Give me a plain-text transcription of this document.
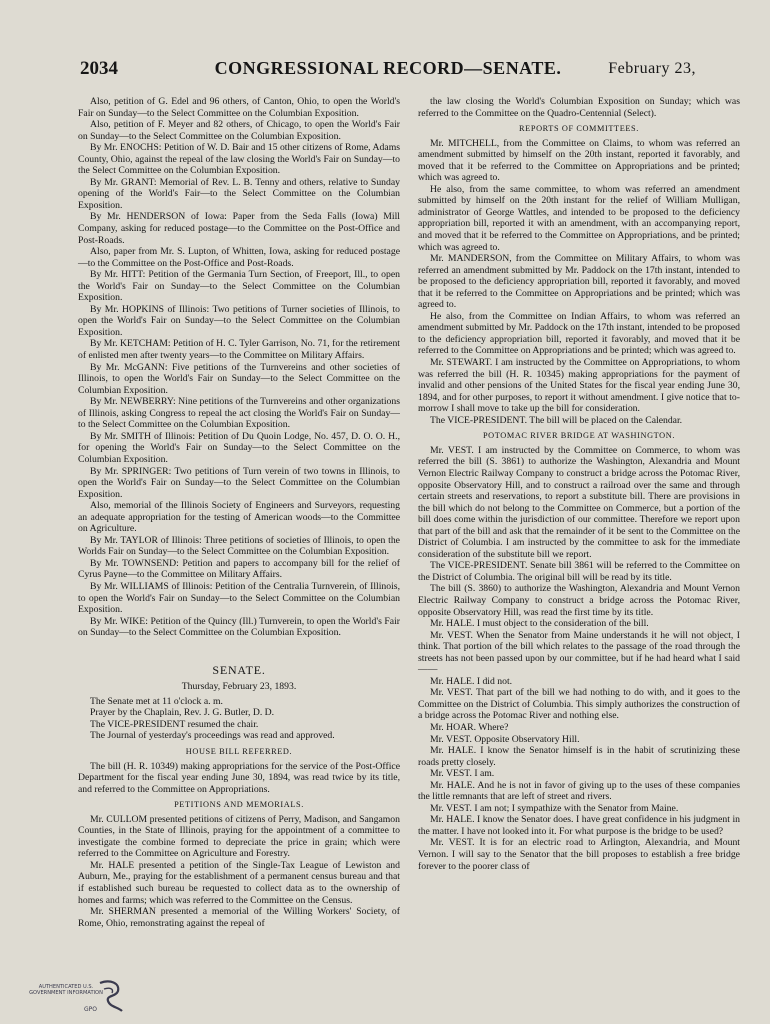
2034	CONGRESSIONAL RECORD—SENATE.	February 23,

Also, petition of G. Edel and 96 others, of Canton, Ohio, to open the World's Fair on Sunday—to the Select Committee on the Columbian Exposition.

Also, petition of F. Meyer and 82 others, of Chicago, to open the World's Fair on Sunday—to the Select Committee on the Columbian Exposition.

By Mr. ENOCHS: Petition of W. D. Bair and 15 other citizens of Rome, Adams County, Ohio, against the repeal of the law closing the World's Fair on Sunday—to the Select Committee on the Columbian Exposition.

By Mr. GRANT: Memorial of Rev. L. B. Tenny and others, relative to Sunday opening of the World's Fair—to the Select Committee on the Columbian Exposition.

By Mr. HENDERSON of Iowa: Paper from the Seda Falls (Iowa) Mill Company, asking for reduced postage—to the Committee on the Post-Office and Post-Roads.

Also, paper from Mr. S. Lupton, of Whitten, Iowa, asking for reduced postage—to the Committee on the Post-Office and Post-Roads.

By Mr. HITT: Petition of the Germania Turn Section, of Freeport, Ill., to open the World's Fair on Sunday—to the Select Committee on the Columbian Exposition.

By Mr. HOPKINS of Illinois: Two petitions of Turner societies of Illinois, to open the World's Fair on Sunday—to the Select Committee on the Columbian Exposition.

By Mr. KETCHAM: Petition of H. C. Tyler Garrison, No. 71, for the retirement of enlisted men after twenty years—to the Committee on Military Affairs.

By Mr. McGANN: Five petitions of the Turnvereins and other societies of Illinois, to open the World's Fair on Sunday—to the Select Committee on the Columbian Exposition.

By Mr. NEWBERRY: Nine petitions of the Turnvereins and other organizations of Illinois, asking Congress to repeal the act closing the World's Fair on Sunday—to the Select Committee on the Columbian Exposition.

By Mr. SMITH of Illinois: Petition of Du Quoin Lodge, No. 457, D. O. O. H., for opening the World's Fair on Sunday—to the Select Committee on the Columbian Exposition.

By Mr. SPRINGER: Two petitions of Turn verein of two towns in Illinois, to open the World's Fair on Sunday—to the Select Committee on the Columbian Exposition.

Also, memorial of the Illinois Society of Engineers and Surveyors, requesting an adequate appropriation for the testing of American woods—to the Committee on Agriculture.

By Mr. TAYLOR of Illinois: Three petitions of societies of Illinois, to open the Worlds Fair on Sunday—to the Select Committee on the Columbian Exposition.

By Mr. TOWNSEND: Petition and papers to accompany bill for the relief of Cyrus Payne—to the Committee on Military Affairs.

By Mr. WILLIAMS of Illinois: Petition of the Centralia Turnverein, of Illinois, to open the World's Fair on Sunday—to the Select Committee on the Columbian Exposition.

By Mr. WIKE: Petition of the Quincy (Ill.) Turnverein, to open the World's Fair on Sunday—to the Select Committee on the Columbian Exposition.

SENATE.

Thursday, February 23, 1893.

The Senate met at 11 o'clock a. m.

Prayer by the Chaplain, Rev. J. G. Butler, D. D.

The VICE-PRESIDENT resumed the chair.

The Journal of yesterday's proceedings was read and approved.

HOUSE BILL REFERRED.

The bill (H. R. 10349) making appropriations for the service of the Post-Office Department for the fiscal year ending June 30, 1894, was read twice by its title, and referred to the Committee on Appropriations.

PETITIONS AND MEMORIALS.

Mr. CULLOM presented petitions of citizens of Perry, Madison, and Sangamon Counties, in the State of Illinois, praying for the appointment of a committee to investigate the combine formed to depreciate the price in grain; which were referred to the Committee on Agriculture and Forestry.

Mr. HALE presented a petition of the Single-Tax League of Lewiston and Auburn, Me., praying for the establishment of a permanent census bureau and that if established such bureau be requested to collect data as to the ownership of homes and farms; which was referred to the Committee on the Census.

Mr. SHERMAN presented a memorial of the Willing Workers' Society, of Rome, Ohio, remonstrating against the repeal of

the law closing the World's Columbian Exposition on Sunday; which was referred to the Committee on the Quadro-Centennial (Select).

REPORTS OF COMMITTEES.

Mr. MITCHELL, from the Committee on Claims, to whom was referred an amendment submitted by himself on the 20th instant, reported it favorably, and moved that it be referred to the Committee on Appropriations and be printed; which was agreed to.

He also, from the same committee, to whom was referred an amendment submitted by himself on the 20th instant for the relief of William Mulligan, administrator of George Wattles, and intended to be proposed to the deficiency appropriation bill, reported it with an amendment, with an accompanying report, and moved that it be referred to the Committee on Appropriations, and be printed; which was agreed to.

Mr. MANDERSON, from the Committee on Military Affairs, to whom was referred an amendment submitted by Mr. Paddock on the 17th instant, intended to be proposed to the deficiency appropriation bill, reported it favorably, and moved that it be referred to the Committee on Appropriations and be printed; which was agreed to.

He also, from the Committee on Indian Affairs, to whom was referred an amendment submitted by Mr. Paddock on the 17th instant, intended to be proposed to the deficiency appropriation bill, reported it favorably, and moved that it be referred to the Committee on Appropriations and be printed; which was agreed to.

Mr. STEWART. I am instructed by the Committee on Appropriations, to whom was referred the bill (H. R. 10345) making appropriations for the payment of invalid and other pensions of the United States for the fiscal year ending June 30, 1894, and for other purposes, to report it without amendment. I give notice that to-morrow I shall move to take up the bill for consideration.

The VICE-PRESIDENT. The bill will be placed on the Calendar.

POTOMAC RIVER BRIDGE AT WASHINGTON.

Mr. VEST. I am instructed by the Committee on Commerce, to whom was referred the bill (S. 3861) to authorize the Washington, Alexandria and Mount Vernon Electric Railway Company to construct a bridge across the Potomac River, opposite Observatory Hill, and to construct a railroad over the same and through certain streets and reservations, to report a substitute bill. There are provisions in the bill which do not belong to the Committee on Commerce, but a portion of the bill does come within the jurisdiction of our committee. Therefore we report upon that part of the bill and ask that the remainder of it be sent to the Committee on the District of Columbia. I am instructed by the committee to ask for the immediate consideration of the substitute bill we report.

The VICE-PRESIDENT. Senate bill 3861 will be referred to the Committee on the District of Columbia. The original bill will be read by its title.

The bill (S. 3860) to authorize the Washington, Alexandria and Mount Vernon Electric Railway Company to construct a bridge across the Potomac River, opposite Observatory Hill, was read the first time by its title.

Mr. HALE. I must object to the consideration of the bill.

Mr. VEST. When the Senator from Maine understands it he will not object, I think. That portion of the bill which relates to the passage of the road through the streets has not been passed upon by our committee, but if he had heard what I said——

Mr. HALE. I did not.

Mr. VEST. That part of the bill we had nothing to do with, and it goes to the Committee on the District of Columbia. This simply authorizes the construction of a bridge across the Potomac River and nothing else.

Mr. HOAR. Where?

Mr. VEST. Opposite Observatory Hill.

Mr. HALE. I know the Senator himself is in the habit of scrutinizing these roads pretty closely.

Mr. VEST. I am.

Mr. HALE. And he is not in favor of giving up to the uses of these companies the little remnants that are left of street and rivers.

Mr. VEST. I am not; I sympathize with the Senator from Maine.

Mr. HALE. I know the Senator does. I have great confidence in his judgment in the matter. I have not looked into it. For what purpose is the bridge to be used?

Mr. VEST. It is for an electric road to Arlington, Alexandria, and Mount Vernon. I will say to the Senator that the bill proposes to establish a free bridge forever to the poorer class of

AUTHENTICATED U.S. GOVERNMENT INFORMATION
GPO
